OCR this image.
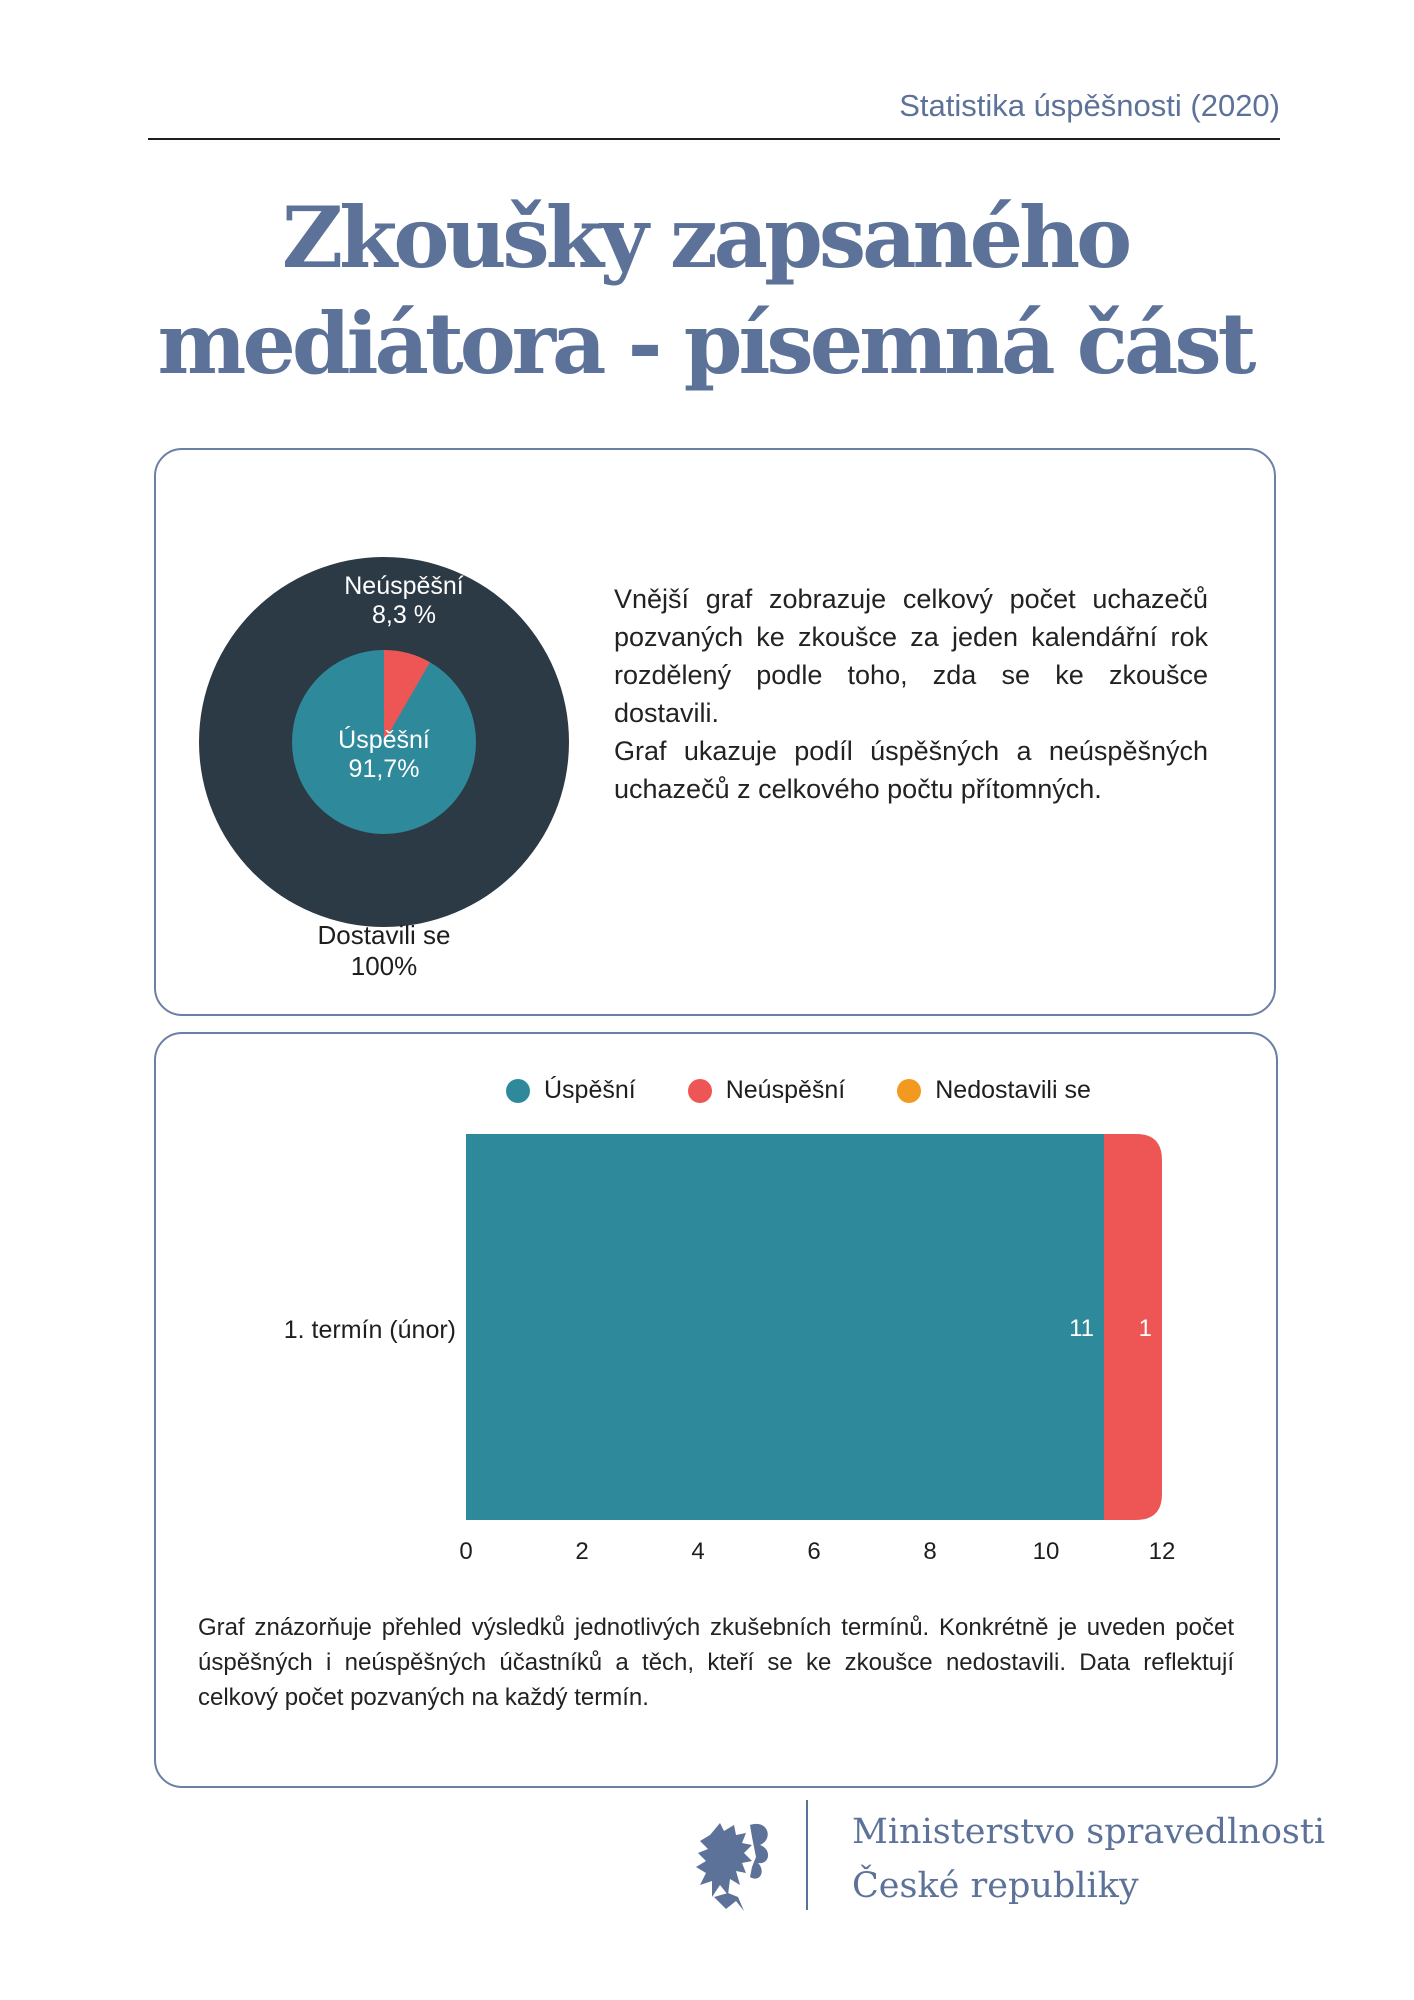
Statistika úspěšnosti (2020)
Zkoušky zapsaného
mediátora - písemná část
Neúspěšní
8,3 %
Úspěšní
91,7%
Dostavili se
100%
Vnější graf zobrazuje celkový počet uchazečů pozvaných ke zkoušce za jeden kalendářní rok rozdělený podle toho, zda se ke zkoušce dostavili.
Graf ukazuje podíl úspěšných a neúspěšných uchazečů z celkového počtu přítomných.
Úspěšní	Neúspěšní	Nedostavili se
1. termín (únor)	11 1
0	2	4	6	8	10	12
Graf znázorňuje přehled výsledků jednotlivých zkušebních termínů. Konkrétně je uveden počet úspěšných i neúspěšných účastníků a těch, kteří se ke zkoušce nedostavili. Data reflektují celkový počet pozvaných na každý termín.
Ministerstvo spravedlnosti
České republiky
